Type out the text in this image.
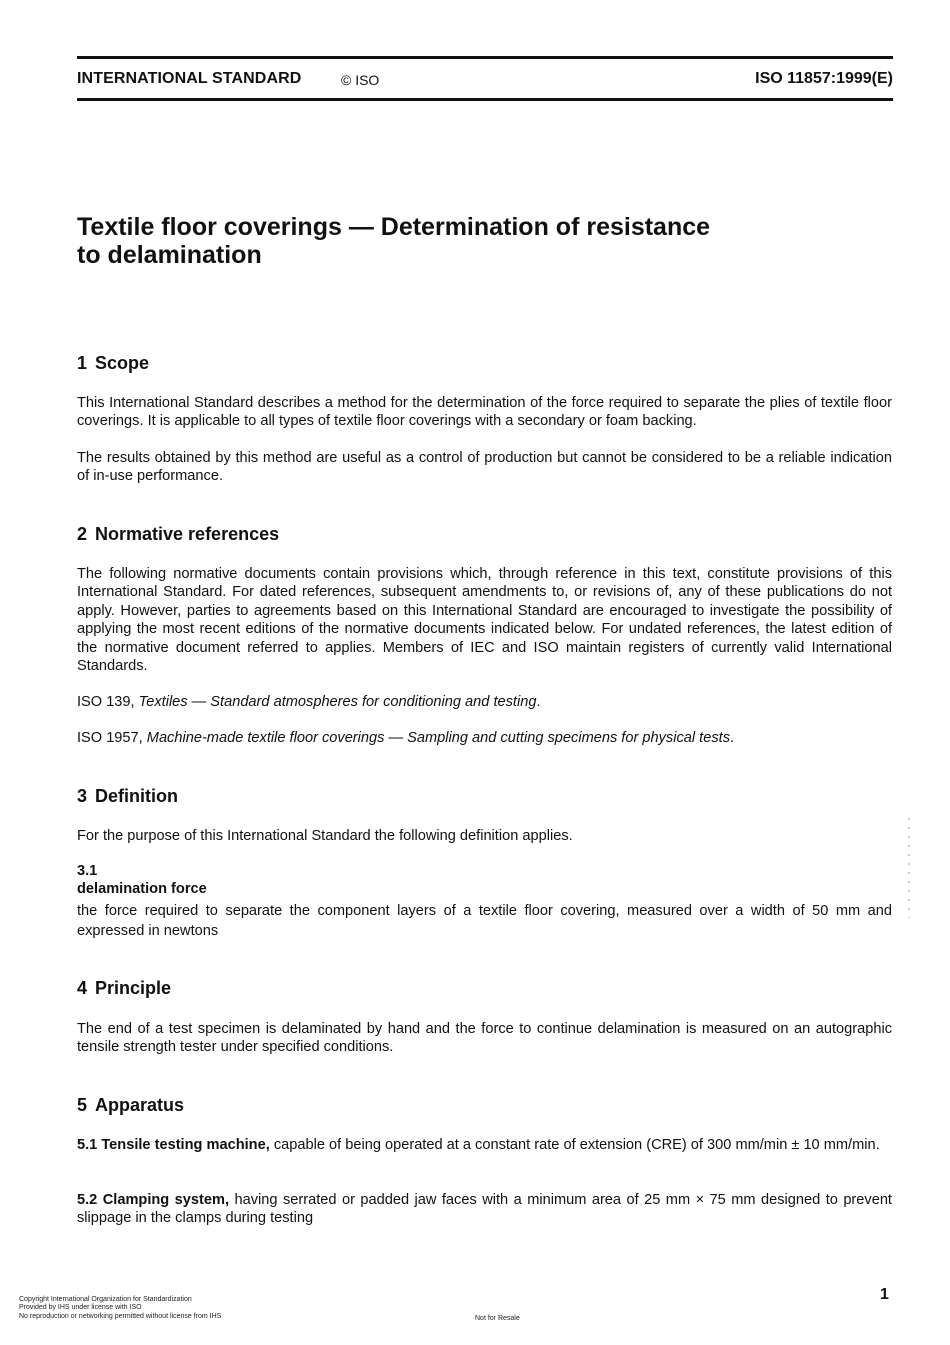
INTERNATIONAL STANDARD	© ISO	ISO 11857:1999(E)
Textile floor coverings — Determination of resistance
to delamination
1 Scope

This International Standard describes a method for the determination of the force required to separate the plies of textile floor coverings. It is applicable to all types of textile floor coverings with a secondary or foam backing.

The results obtained by this method are useful as a control of production but cannot be considered to be a reliable indication of in-use performance.

2 Normative references

The following normative documents contain provisions which, through reference in this text, constitute provisions of this International Standard. For dated references, subsequent amendments to, or revisions of, any of these publications do not apply. However, parties to agreements based on this International Standard are encouraged to investigate the possibility of applying the most recent editions of the normative documents indicated below. For undated references, the latest edition of the normative document referred to applies. Members of IEC and ISO maintain registers of currently valid International Standards.

ISO 139, Textiles — Standard atmospheres for conditioning and testing.

ISO 1957, Machine-made textile floor coverings — Sampling and cutting specimens for physical tests.

3 Definition

For the purpose of this International Standard the following definition applies.

3.1
delamination force

the force required to separate the component layers of a textile floor covering, measured over a width of 50 mm and expressed in newtons

4 Principle

The end of a test specimen is delaminated by hand and the force to continue delamination is measured on an autographic tensile strength tester under specified conditions.

5 Apparatus

5.1 Tensile testing machine, capable of being operated at a constant rate of extension (CRE) of 300 mm/min ± 10 mm/min.

5.2 Clamping system, having serrated or padded jaw faces with a minimum area of 25 mm × 75 mm designed to prevent slippage in the clamps during testing

1
Copyright International Organization for Standardization
Provided by IHS under license with ISO
No reproduction or networking permitted without license from IHS	Not for Resale
